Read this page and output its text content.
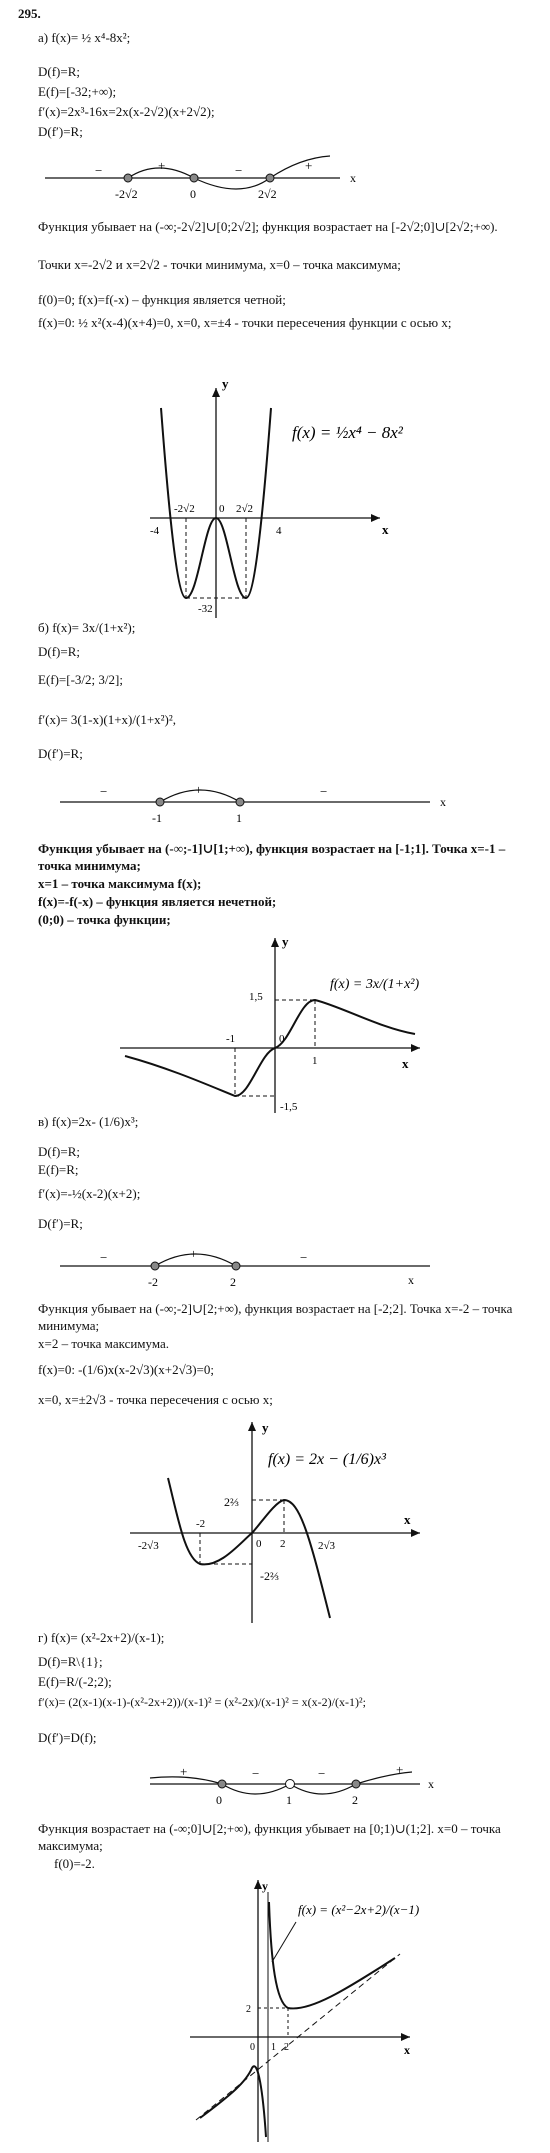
295.
а) f(x)= ½ x⁴-8x²;
D(f)=R;
E(f)=[-32;+∞);
f′(x)=2x³-16x=2x(x-2√2)(x+2√2);
D(f′)=R;
−	+	−	+
x
-2√2	0	2√2
Функция убывает на (-∞;-2√2]∪[0;2√2]; функция возрастает на [-2√2;0]∪[2√2;+∞).
Точки x=-2√2 и x=2√2 - точки минимума, x=0 – точка максимума;
f(0)=0; f(x)=f(-x) – функция является четной;
f(x)=0: ½ x²(x-4)(x+4)=0, x=0, x=±4 - точки пересечения функции с осью x;
y
x
-4
-2√2 0 2√2
4
-32
f(x) = ½x⁴ − 8x²
б) f(x)= 3x/(1+x²);
D(f)=R;
E(f)=[-3/2; 3/2];
f′(x)= 3(1-x)(1+x)/(1+x²)²,
D(f′)=R;
−	+	−
x
-1	1
Функция убывает на (-∞;-1]∪[1;+∞), функция возрастает на [-1;1]. Точка x=-1 – точка минимума;
x=1 – точка максимума f(x);
f(x)=-f(-x) – функция является нечетной;
(0;0) – точка функции;
y
x
-1	0
1
1,5
-1,5
f(x) = 3x/(1+x²)
в) f(x)=2x- (1/6)x³;
D(f)=R;
E(f)=R;
f′(x)=-½(x-2)(x+2);
D(f′)=R;
−	+	−
x
-2	2
Функция убывает на (-∞;-2]∪[2;+∞), функция возрастает на [-2;2]. Точка x=-2 – точка минимума;
x=2 – точка максимума.
f(x)=0: -(1/6)x(x-2√3)(x+2√3)=0;
x=0, x=±2√3 - точка пересечения с осью x;
y
x
-2√3
-2
0 2	2√3
2⅔
-2⅔
f(x) = 2x − (1/6)x³
г) f(x)= (x²-2x+2)/(x-1);
D(f)=R\{1};
E(f)=R/(-2;2);
f′(x)= (2(x-1)(x-1)-(x²-2x+2))/(x-1)² = (x²-2x)/(x-1)² = x(x-2)/(x-1)²;
D(f′)=D(f);
+	−	−	+
x
0	1	2
Функция возрастает на (-∞;0]∪[2;+∞), функция убывает на [0;1)∪(1;2]. x=0 – точка максимума;
f(0)=-2.
y
x
2
0 1 2
f(x) = (x²−2x+2)/(x−1)
